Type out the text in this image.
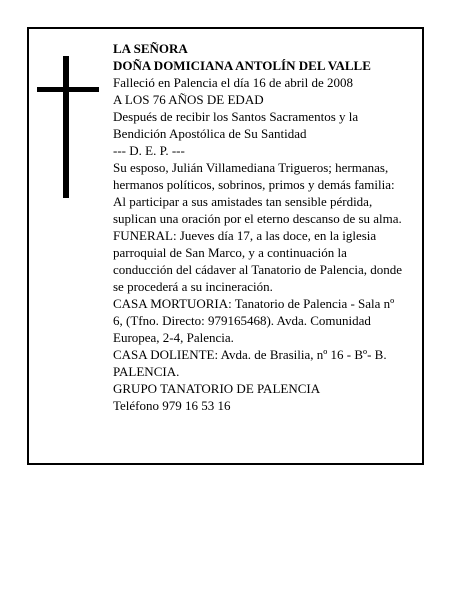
LA SEÑORA
DOÑA DOMICIANA ANTOLÍN DEL VALLE
Falleció en Palencia el día 16 de abril de 2008
A LOS 76 AÑOS DE EDAD
Después de recibir los Santos Sacramentos y la Bendición Apostólica de Su Santidad
--- D. E. P. ---
Su esposo, Julián Villamediana Trigueros; hermanas, hermanos políticos, sobrinos, primos y demás familia:
Al participar a sus amistades tan sensible pérdida, suplican una oración por el eterno descanso de su alma.
FUNERAL: Jueves día 17, a las doce, en la iglesia parroquial de San Marco, y a continuación la conducción del cádaver al Tanatorio de Palencia, donde se procederá a su incineración.
CASA MORTUORIA: Tanatorio de Palencia - Sala nº 6, (Tfno. Directo: 979165468). Avda. Comunidad Europea, 2-4, Palencia.
CASA DOLIENTE: Avda. de Brasilia, nº 16 - Bº- B. PALENCIA.
GRUPO TANATORIO DE PALENCIA
Teléfono 979 16 53 16
